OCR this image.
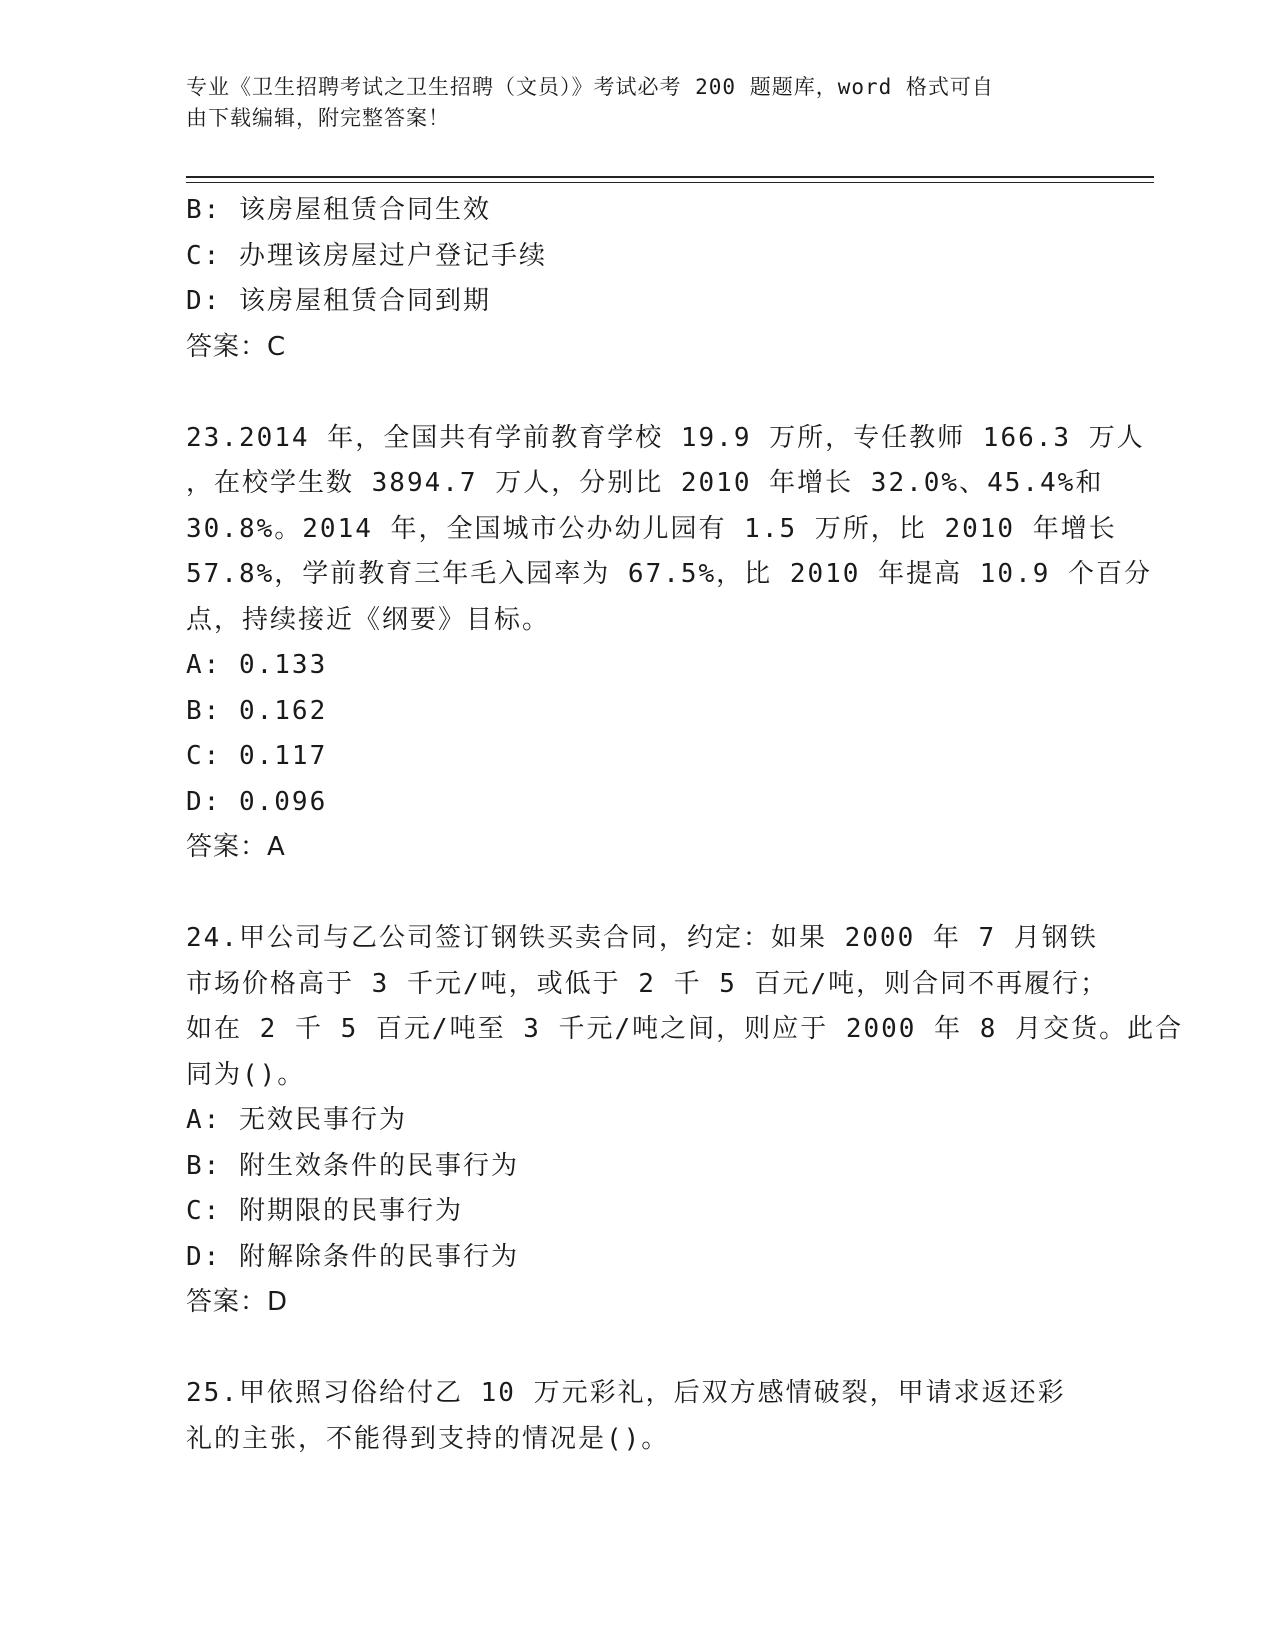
专业《卫生招聘考试之卫生招聘（文员）》考试必考 200 题题库，word 格式可自
由下载编辑，附完整答案！
B: 该房屋租赁合同生效
C: 办理该房屋过户登记手续
D: 该房屋租赁合同到期
答案：C
23.2014 年，全国共有学前教育学校 19.9 万所，专任教师 166.3 万人
，在校学生数 3894.7 万人，分别比 2010 年增长 32.0%、45.4%和
30.8%。2014 年，全国城市公办幼儿园有 1.5 万所，比 2010 年增长
57.8%，学前教育三年毛入园率为 67.5%，比 2010 年提高 10.9 个百分
点，持续接近《纲要》目标。
A: 0.133
B: 0.162
C: 0.117
D: 0.096
答案：A
24.甲公司与乙公司签订钢铁买卖合同，约定：如果 2000 年 7 月钢铁
市场价格高于 3 千元/吨，或低于 2 千 5 百元/吨，则合同不再履行；
如在 2 千 5 百元/吨至 3 千元/吨之间，则应于 2000 年 8 月交货。此合
同为()。
A: 无效民事行为
B: 附生效条件的民事行为
C: 附期限的民事行为
D: 附解除条件的民事行为
答案：D
25.甲依照习俗给付乙 10 万元彩礼，后双方感情破裂，甲请求返还彩
礼的主张，不能得到支持的情况是()。
